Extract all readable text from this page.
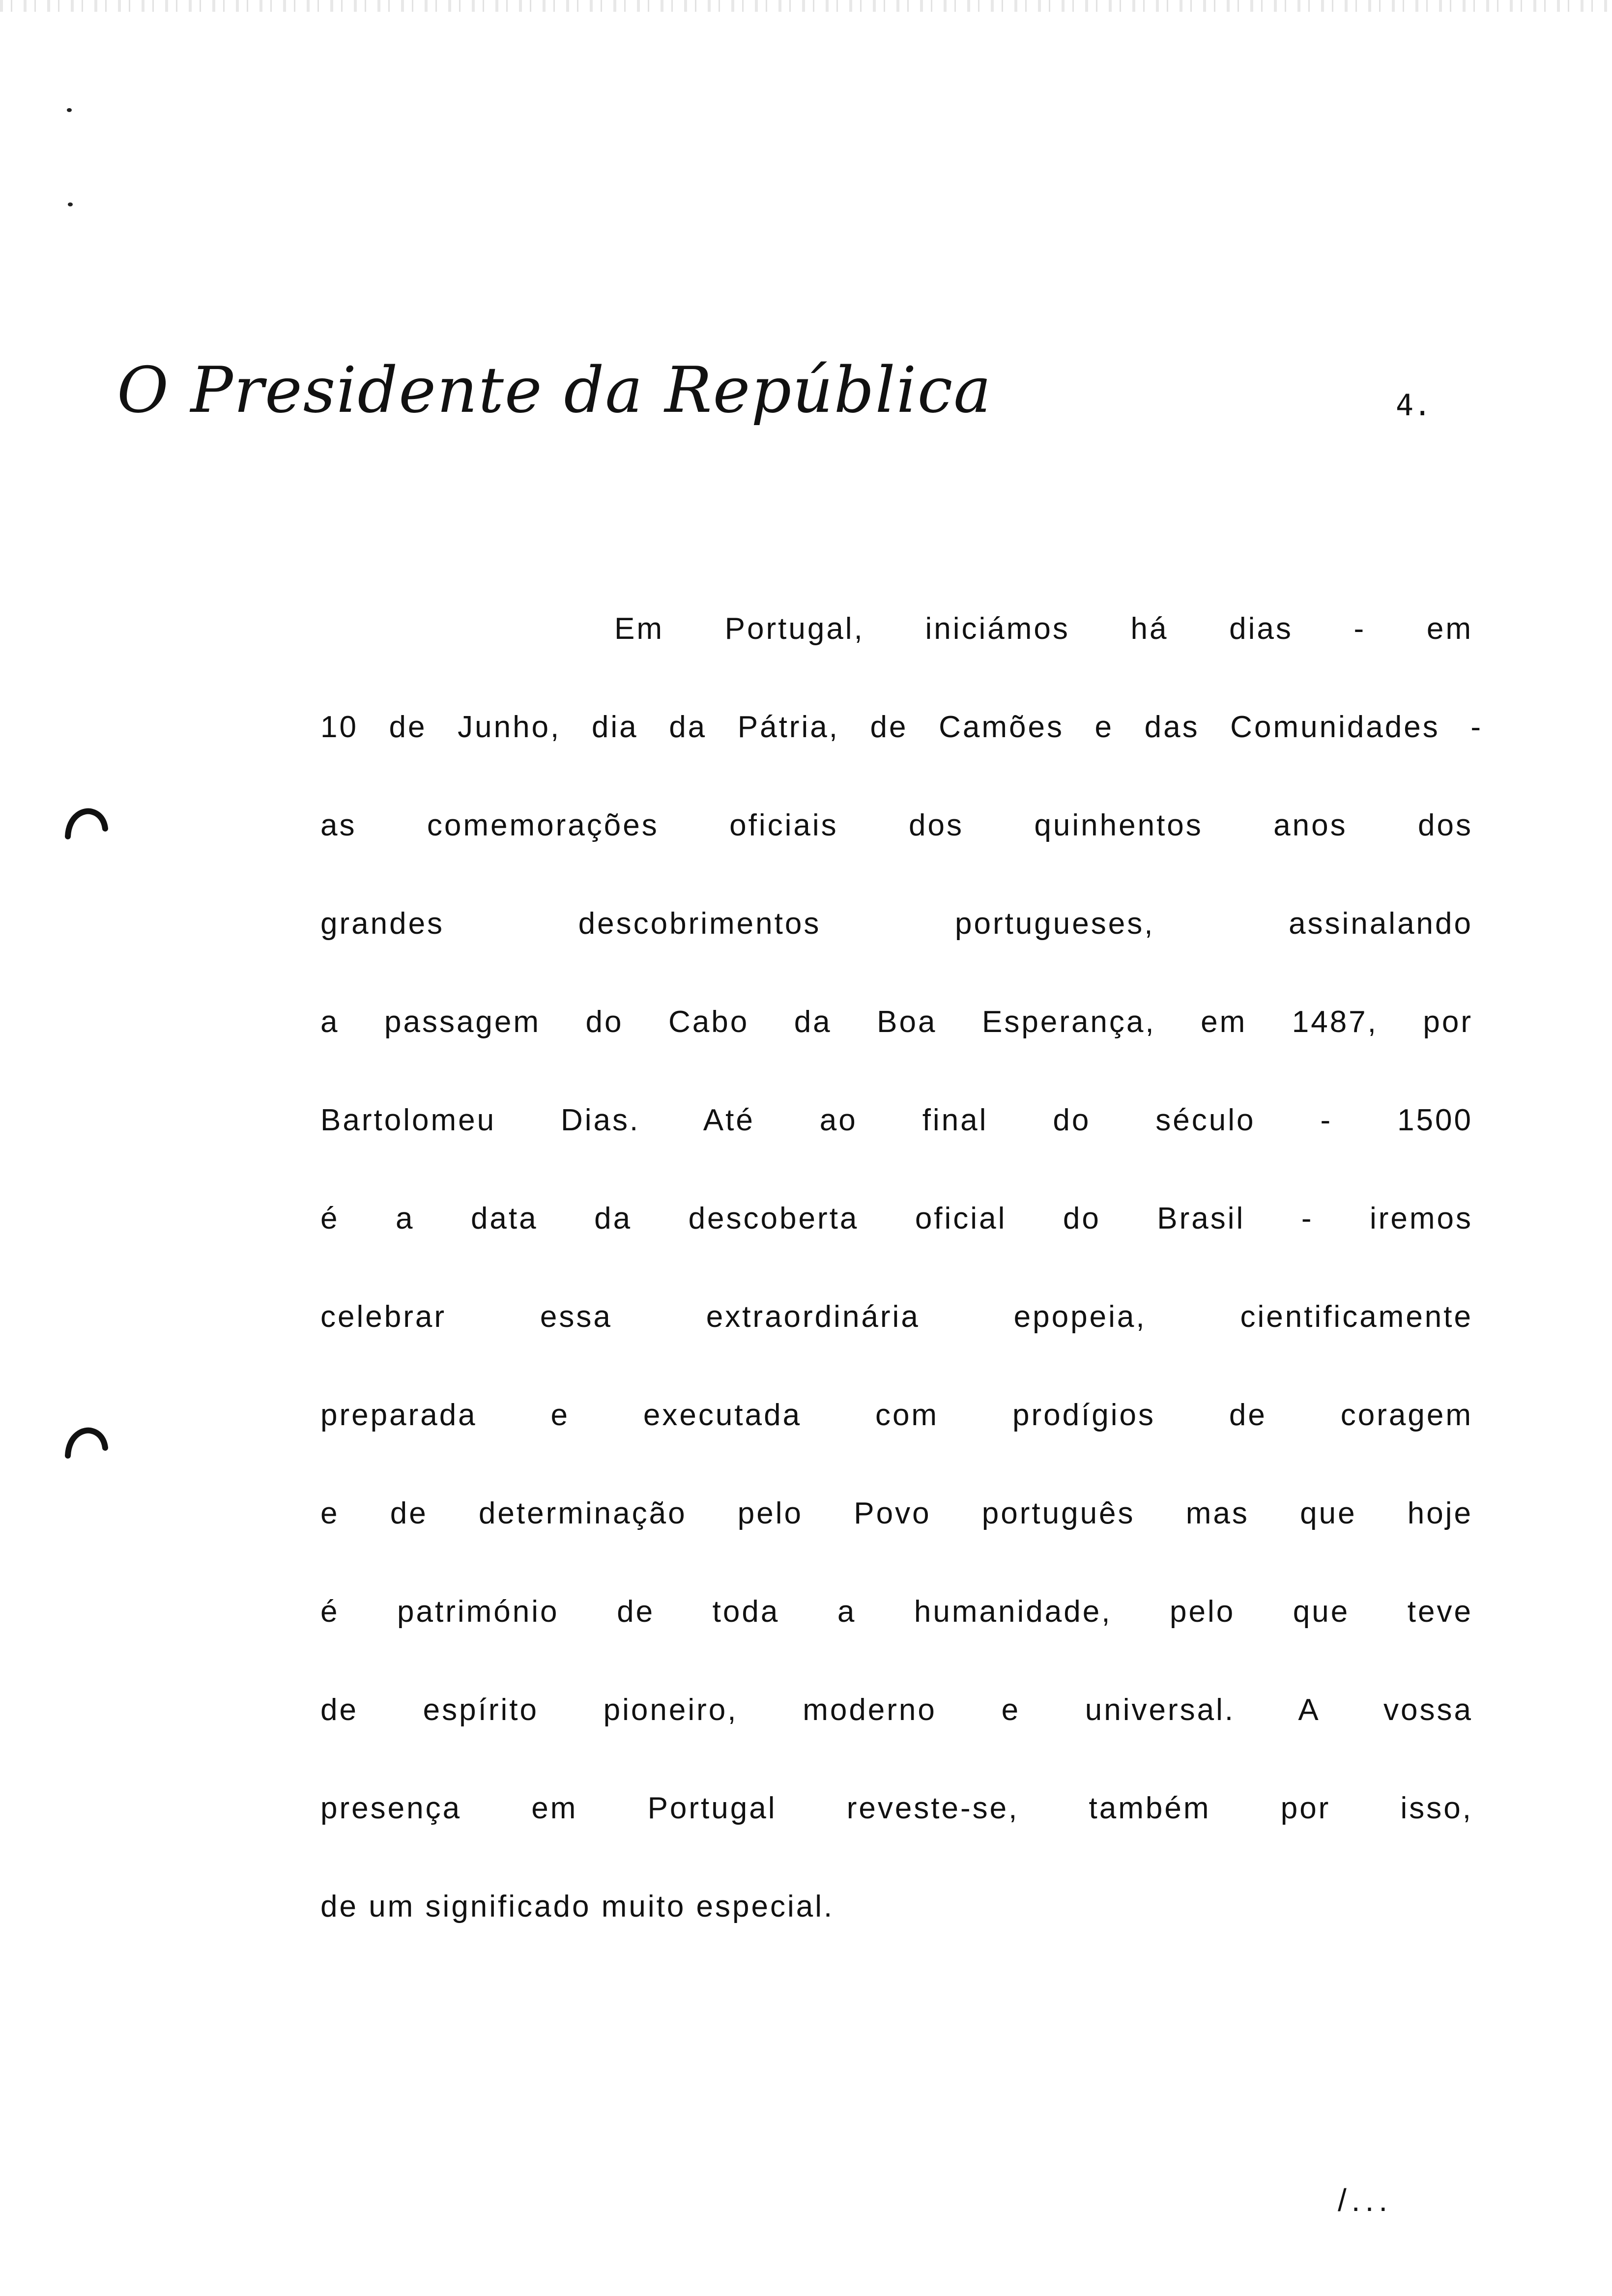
O Presidente da República	4.
Em Portugal, iniciámos há dias - em
10 de Junho, dia da Pátria, de Camões e das Comunidades -
as comemorações oficiais dos quinhentos anos dos
grandes descobrimentos portugueses, assinalando
a passagem do Cabo da Boa Esperança, em 1487, por
Bartolomeu Dias. Até ao final do século - 1500
é a data da descoberta oficial do Brasil - iremos
celebrar essa extraordinária epopeia, cientificamente
preparada e executada com prodígios de coragem
e de determinação pelo Povo português mas que hoje
é património de toda a humanidade, pelo que teve
de espírito pioneiro, moderno e universal. A vossa
presença em Portugal reveste-se, também por isso,
de um significado muito especial.
/...
